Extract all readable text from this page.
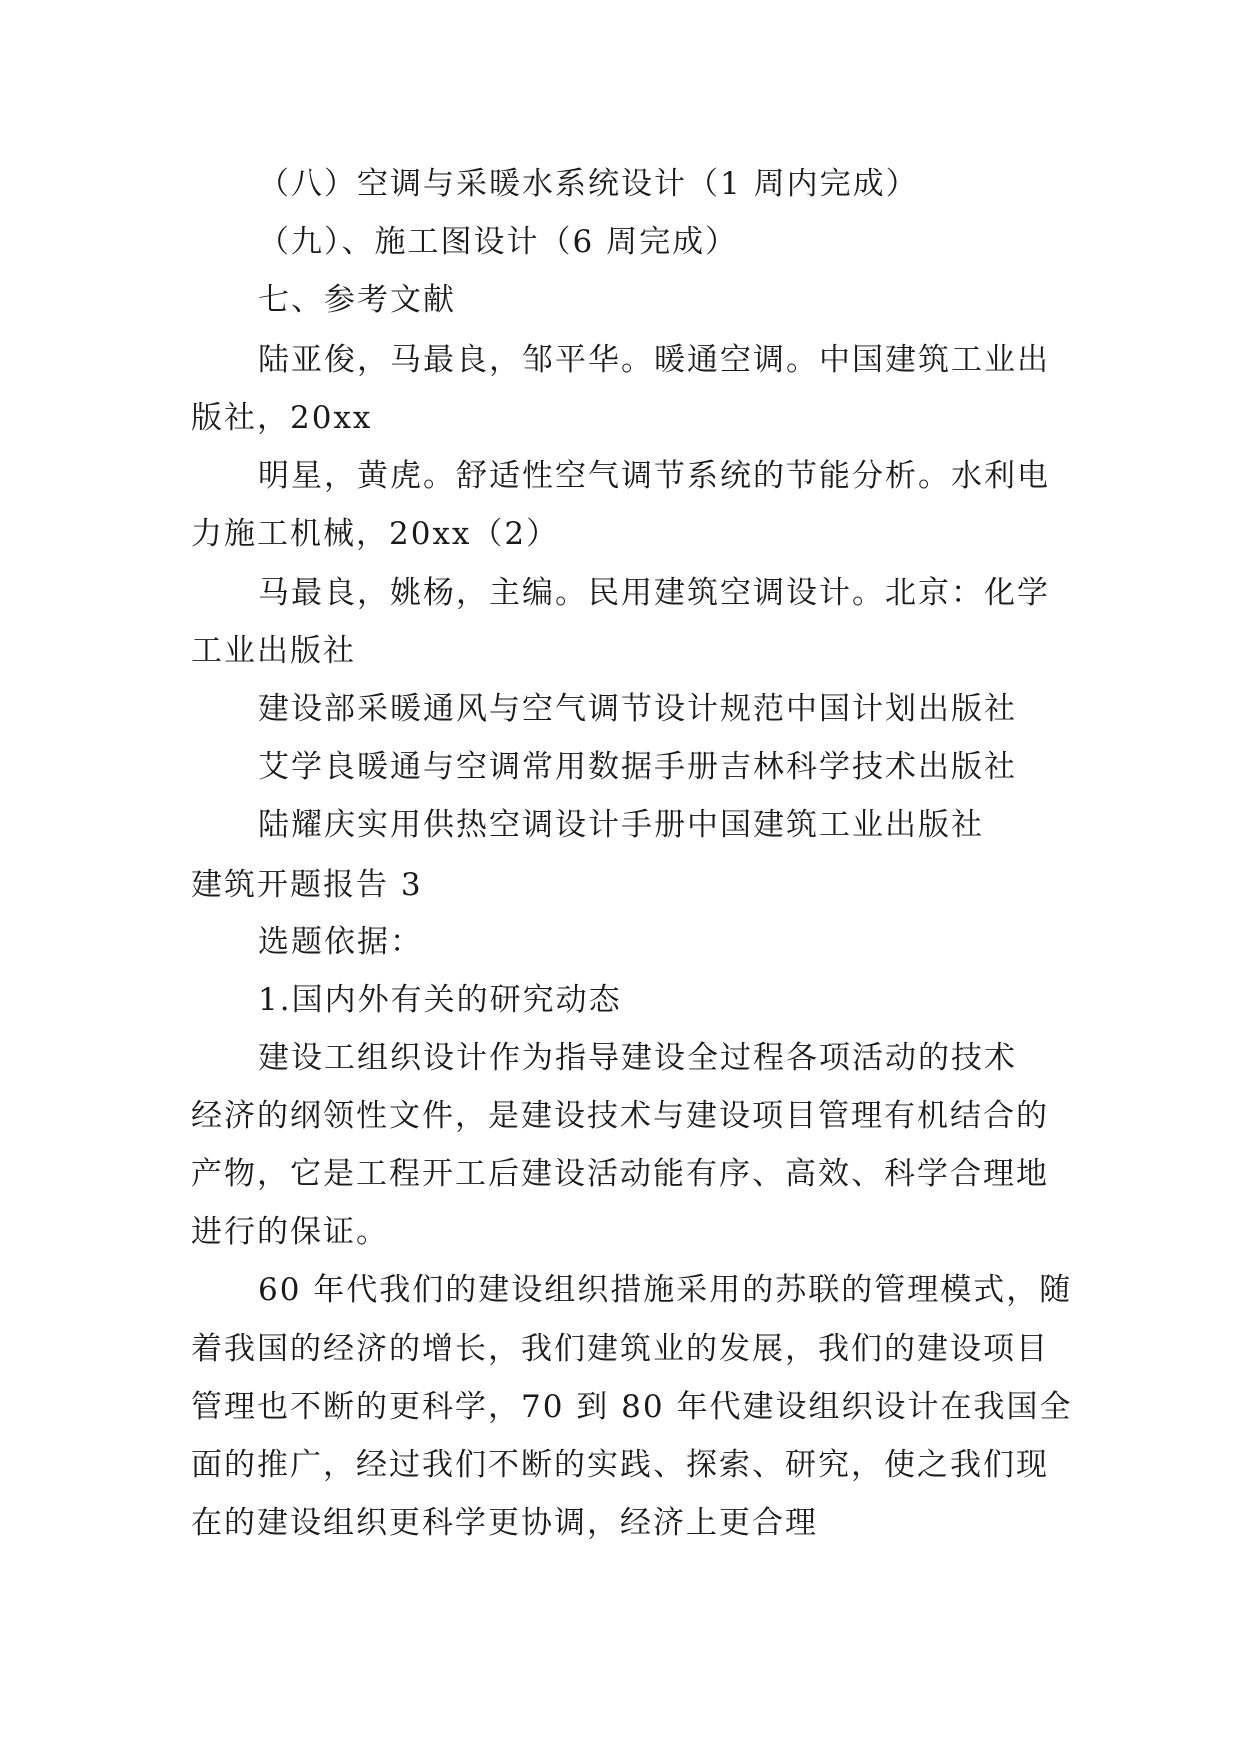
（八）空调与采暖水系统设计（1 周内完成）
（九）、施工图设计（6 周完成）
七、参考文献
陆亚俊，马最良，邹平华。暖通空调。中国建筑工业出
版社，20xx
明星，黄虎。舒适性空气调节系统的节能分析。水利电
力施工机械，20xx（2）
马最良，姚杨，主编。民用建筑空调设计。北京：化学
工业出版社
建设部采暖通风与空气调节设计规范中国计划出版社
艾学良暖通与空调常用数据手册吉林科学技术出版社
陆耀庆实用供热空调设计手册中国建筑工业出版社
建筑开题报告 3
选题依据：
1.国内外有关的研究动态
建设工组织设计作为指导建设全过程各项活动的技术
经济的纲领性文件，是建设技术与建设项目管理有机结合的
产物，它是工程开工后建设活动能有序、高效、科学合理地
进行的保证。
60 年代我们的建设组织措施采用的苏联的管理模式，随
着我国的经济的增长，我们建筑业的发展，我们的建设项目
管理也不断的更科学，70 到 80 年代建设组织设计在我国全
面的推广，经过我们不断的实践、探索、研究，使之我们现
在的建设组织更科学更协调，经济上更合理
